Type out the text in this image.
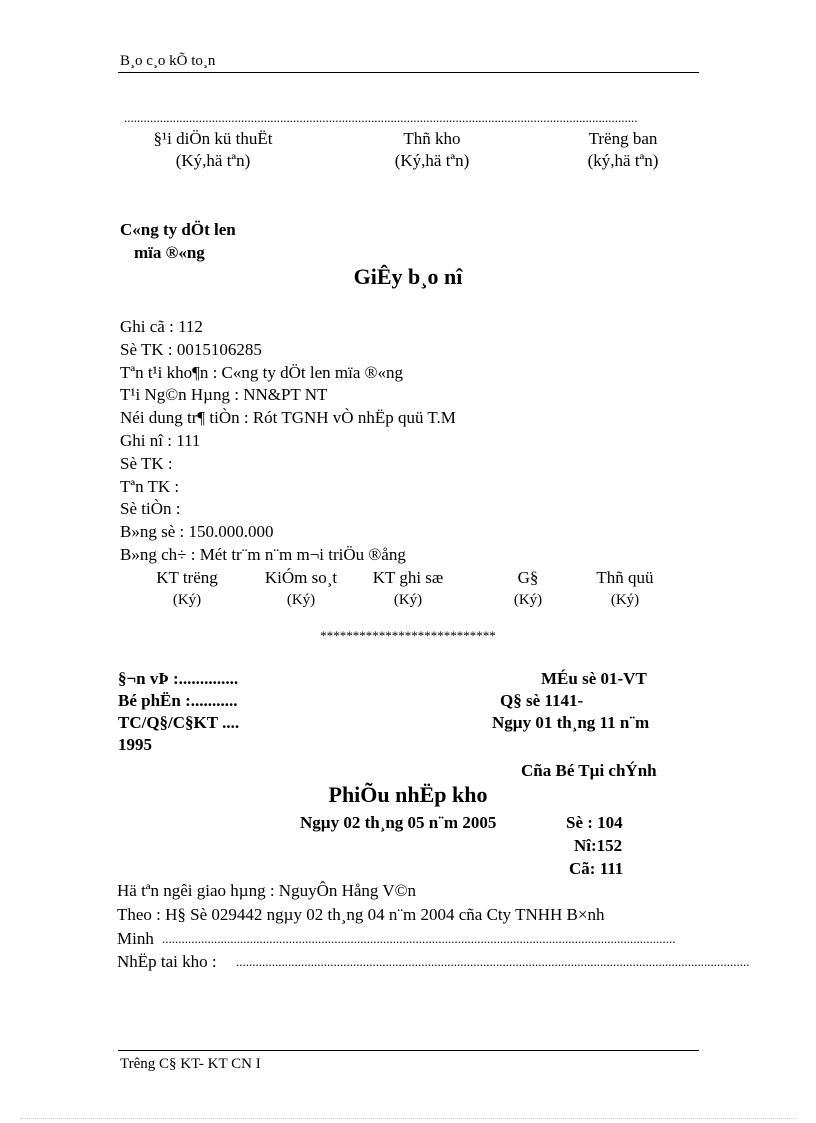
B¸o c¸o kÕ to¸n
..............................................................................................................................................................
§¹i diÖn kü thuËt
(Ký,hä tªn)
Thñ kho
(Ký,hä tªn)
Trëng ban
(ký,hä tªn)
C«ng ty dÖt len
mïa ®«ng
GiÊy b¸o nî
Ghi cã : 112
Sè TK : 0015106285
Tªn t¹i kho¶n : C«ng ty dÖt len mïa ®«ng
T¹i Ng©n Hµng : NN&PT NT
Néi dung tr¶ tiÒn : Rót TGNH vÒ nhËp quü T.M
Ghi nî : 111
Sè TK :
Tªn TK :
Sè tiÒn :
B»ng sè : 150.000.000
B»ng ch÷ : Mét tr¨m n¨m m¬i triÖu ®ång
KT trëng
(Ký)
KiÓm so¸t
(Ký)
KT ghi sæ
(Ký)
G§
(Ký)
Thñ quü
(Ký)
***************************
§¬n vÞ :..............
Bé phËn :...........
TC/Q§/C§KT ....
1995
MÉu sè 01-VT
Q§ sè 1141-
Ngµy 01 th¸ng 11 n¨m
Cña Bé Tµi chÝnh
PhiÕu nhËp kho
Ngµy 02 th¸ng 05 n¨m 2005	Sè : 104
Nî:152
Cã: 111
Hä tªn ngêi giao hµng : NguyÔn Hång V©n
Theo : H§ Sè 029442 ngµy 02 th¸ng 04 n¨m 2004 cña Cty TNHH B×nh
Minh ..............................................................................................................................................................
NhËp tai kho : ..............................................................................................................................................................
Trêng C§ KT- KT CN I
